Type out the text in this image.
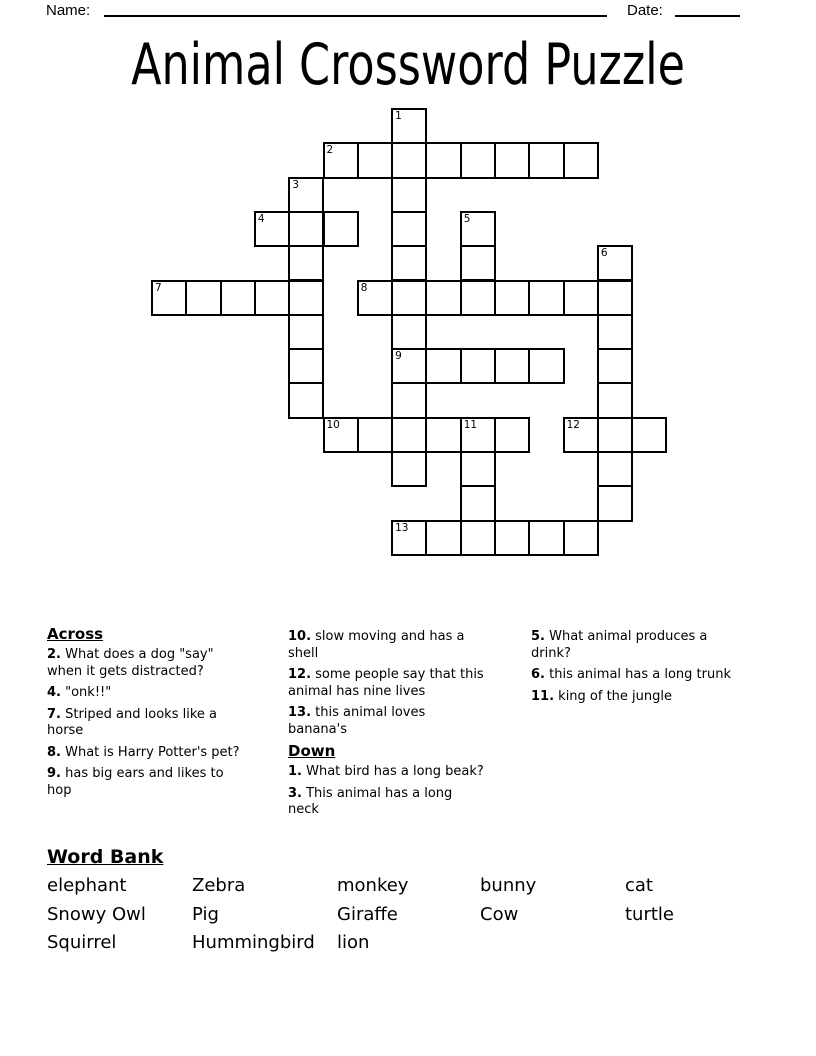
Name:	Date:
Animal Crossword Puzzle
1
9
2
3
4	5
6
7	8
10	11	12
13
Across
2. What does a dog "say" when it gets distracted?
4. "onk!!"
7. Striped and looks like a horse
8. What is Harry Potter's pet?
9. has big ears and likes to hop
10. slow moving and has a shell
12. some people say that this animal has nine lives
13. this animal loves banana's
Down
1. What bird has a long beak?
3. This animal has a long neck
5. What animal produces a drink?
6. this animal has a long trunk
11. king of the jungle
Word Bank
elephant	Zebra	monkey	bunny	cat
Snowy Owl	Pig	Giraffe	Cow	turtle
Squirrel	Hummingbird	lion
